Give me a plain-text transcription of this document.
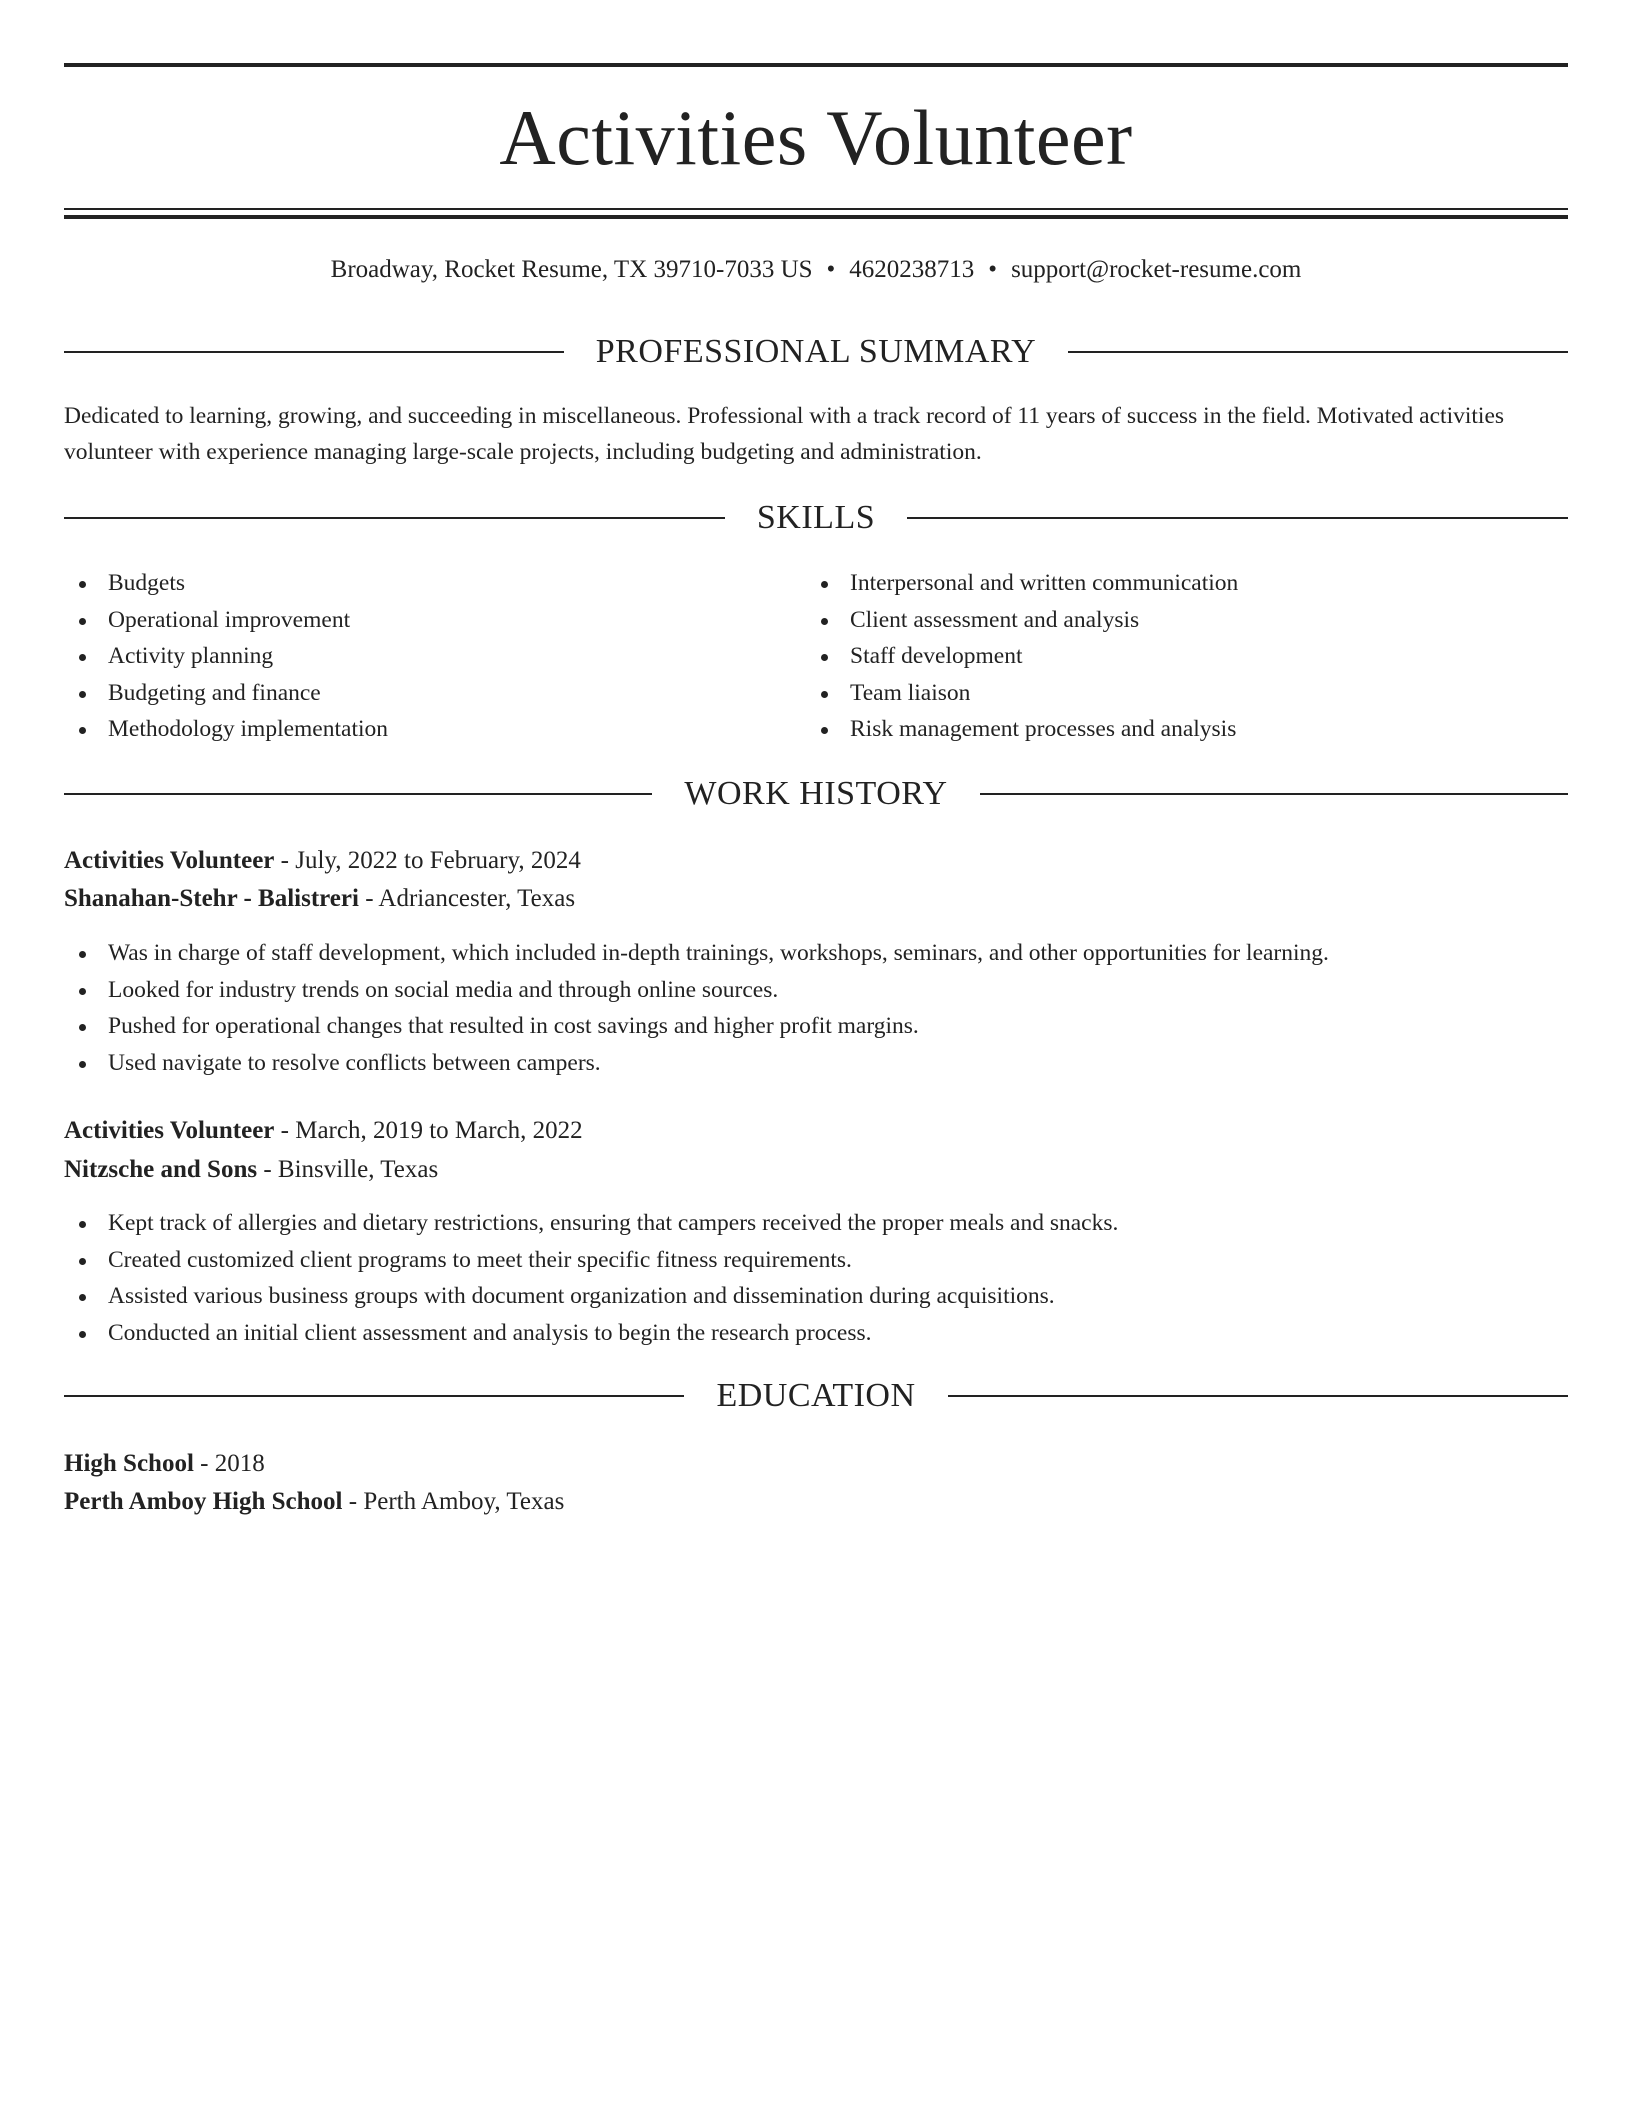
Activities Volunteer
Broadway, Rocket Resume, TX 39710-7033 US • 4620238713 • support@rocket-resume.com
PROFESSIONAL SUMMARY

Dedicated to learning, growing, and succeeding in miscellaneous. Professional with a track record of 11 years of success in the field. Motivated activities volunteer with experience managing large-scale projects, including budgeting and administration.

SKILLS
Budgets
Operational improvement
Activity planning
Budgeting and finance
Methodology implementation
Interpersonal and written communication
Client assessment and analysis
Staff development
Team liaison
Risk management processes and analysis
WORK HISTORY
Activities Volunteer - July, 2022 to February, 2024
Shanahan-Stehr - Balistreri - Adriancester, Texas
Was in charge of staff development, which included in-depth trainings, workshops, seminars, and other opportunities for learning.
Looked for industry trends on social media and through online sources.
Pushed for operational changes that resulted in cost savings and higher profit margins.
Used navigate to resolve conflicts between campers.
Activities Volunteer - March, 2019 to March, 2022
Nitzsche and Sons - Binsville, Texas
Kept track of allergies and dietary restrictions, ensuring that campers received the proper meals and snacks.
Created customized client programs to meet their specific fitness requirements.
Assisted various business groups with document organization and dissemination during acquisitions.
Conducted an initial client assessment and analysis to begin the research process.
EDUCATION
High School - 2018
Perth Amboy High School - Perth Amboy, Texas
